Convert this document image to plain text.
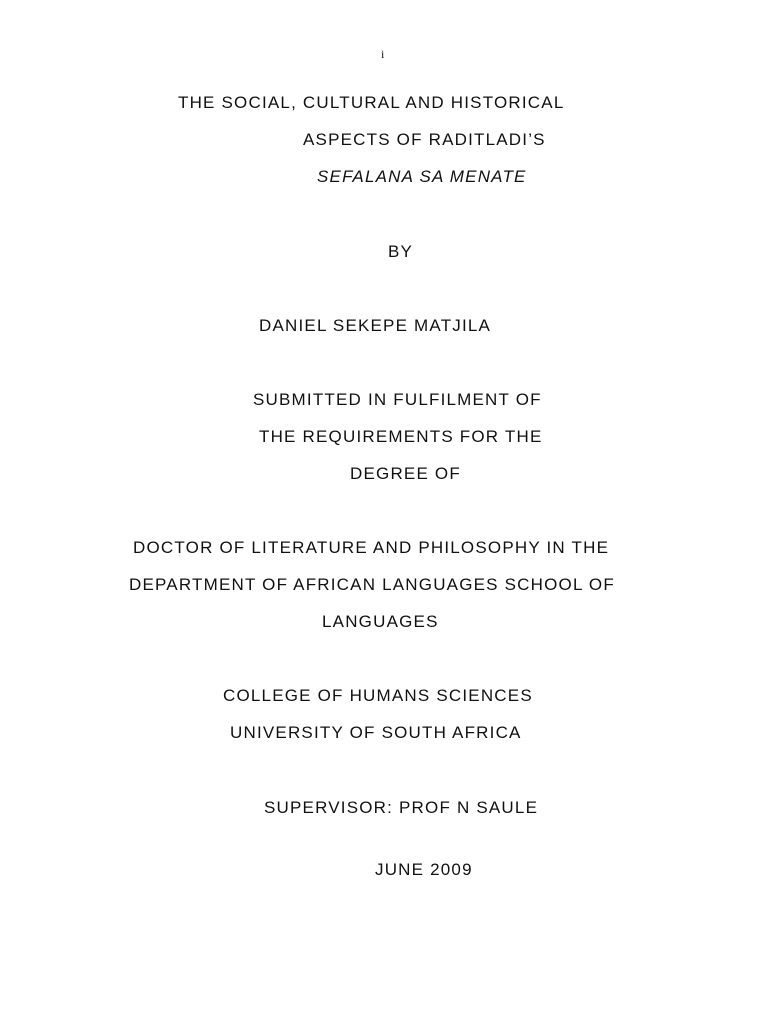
i
THE SOCIAL, CULTURAL AND HISTORICAL
ASPECTS OF RADITLADI’S
SEFALANA SA MENATE
BY
DANIEL SEKEPE MATJILA
SUBMITTED IN FULFILMENT OF
THE REQUIREMENTS FOR THE
DEGREE OF
DOCTOR OF LITERATURE AND PHILOSOPHY IN THE
DEPARTMENT OF AFRICAN LANGUAGES SCHOOL OF
LANGUAGES
COLLEGE OF HUMANS SCIENCES
UNIVERSITY OF SOUTH AFRICA
SUPERVISOR: PROF N SAULE
JUNE 2009
